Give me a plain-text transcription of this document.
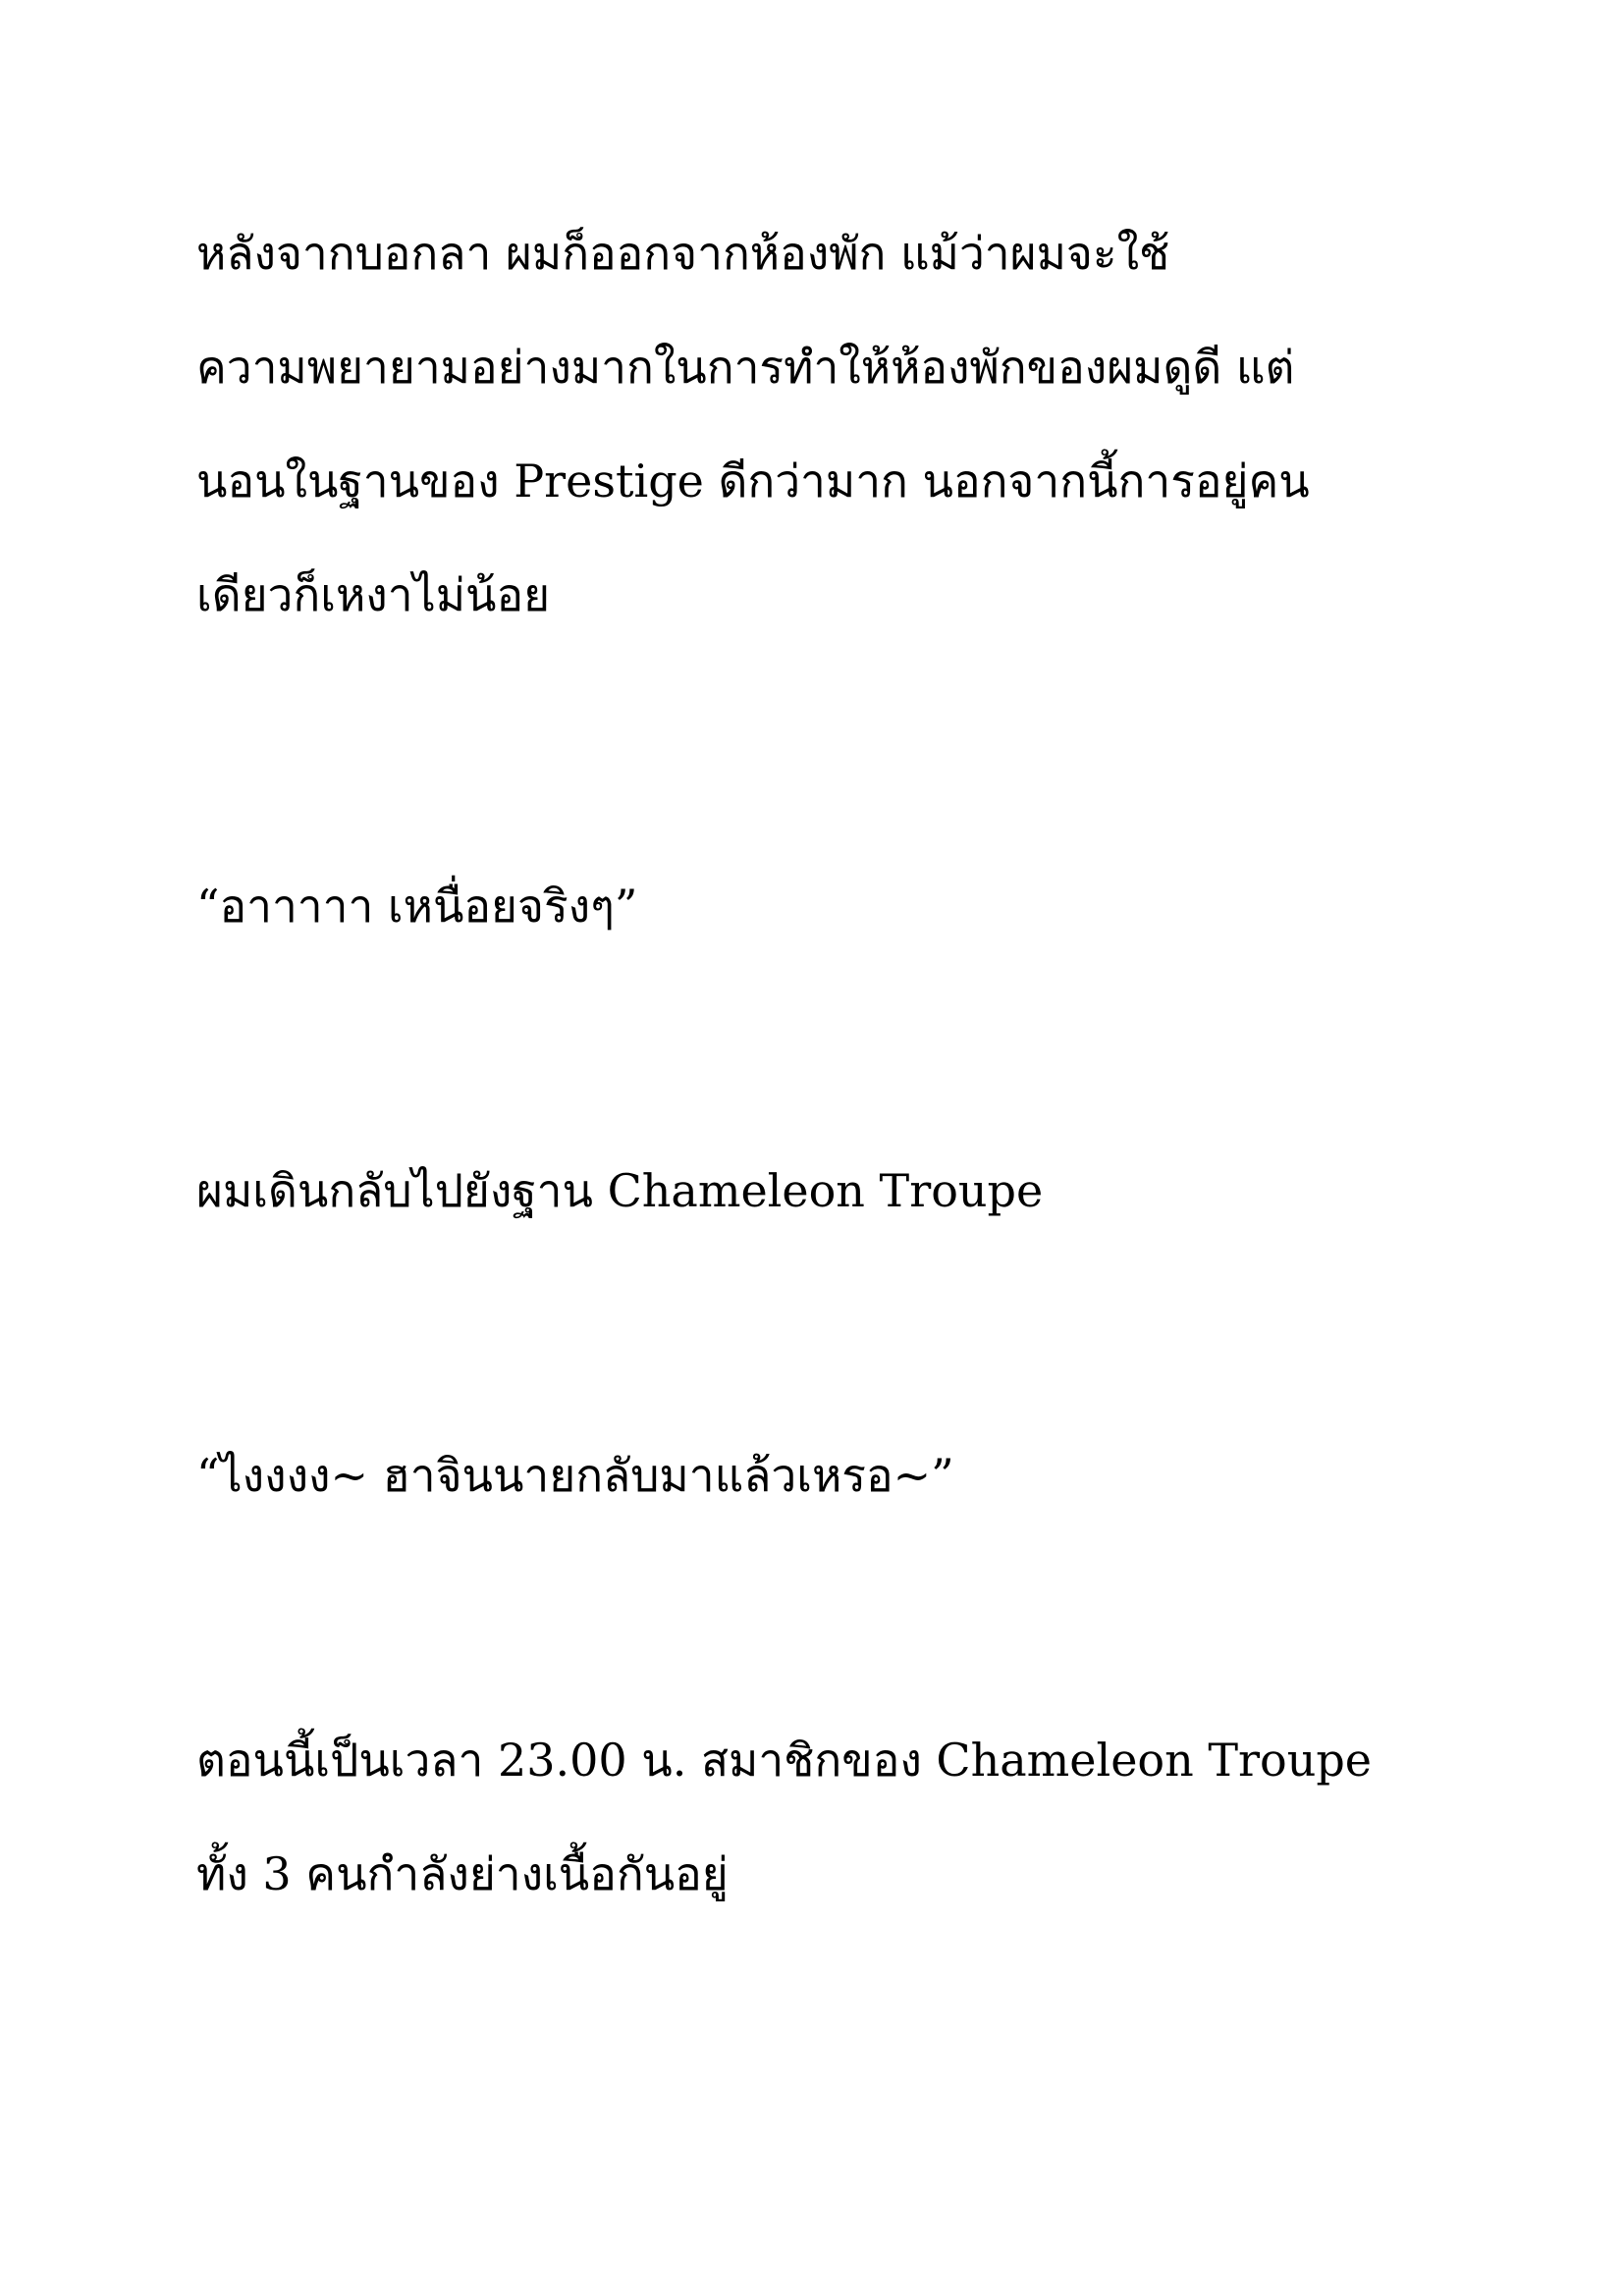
หลังจากบอกลา ผมก็ออกจากห้องพัก แม้ว่าผมจะใช้
ความพยายามอย่างมากในการทำให้ห้องพักของผมดูดี แต่
นอนในฐานของ Prestige ดีกว่ามาก นอกจากนี้การอยู่คน
เดียวก็เหงาไม่น้อย

“อาาาาา เหนื่อยจริงๆ”

ผมเดินกลับไปยังฐาน Chameleon Troupe

“ไงงงง~ ฮาจินนายกลับมาแล้วเหรอ~”

ตอนนี้เป็นเวลา 23.00 น. สมาชิกของ Chameleon Troupe
ทั้ง 3 คนกำลังย่างเนื้อกันอยู่
